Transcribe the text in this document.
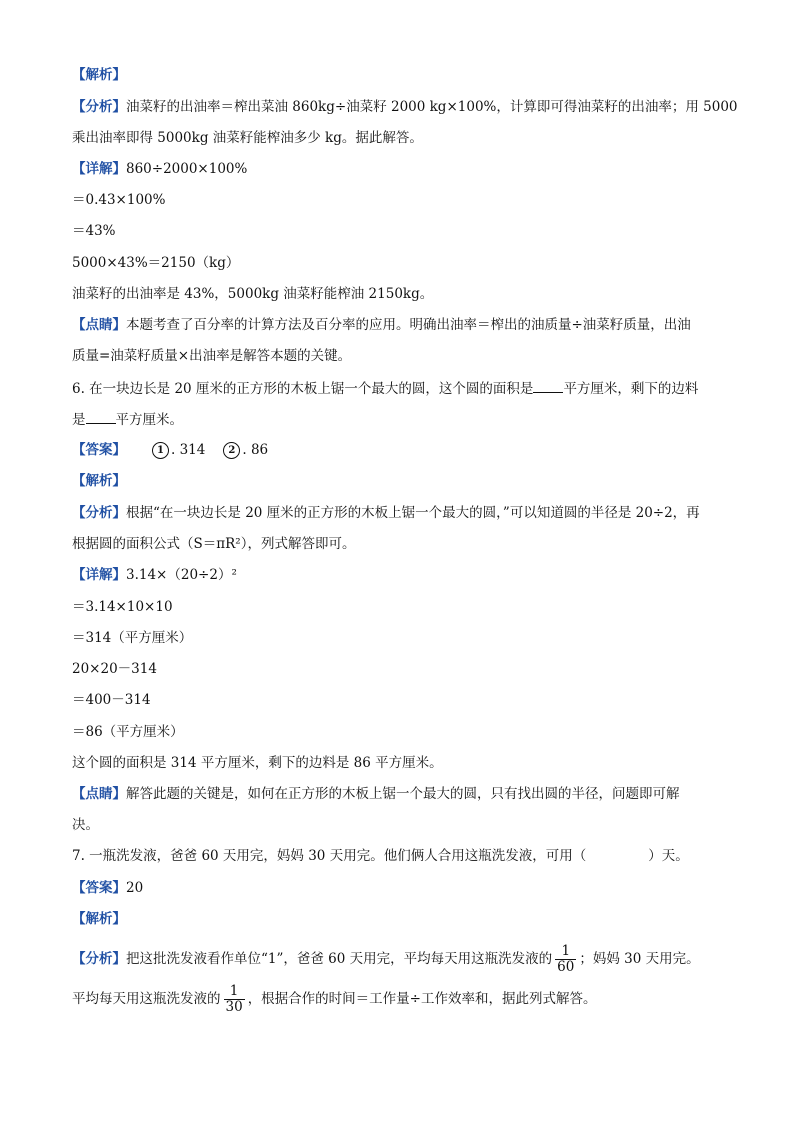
【解析】
【分析】油菜籽的出油率＝榨出菜油 860kg÷油菜籽 2000 kg×100%，计算即可得油菜籽的出油率；用 5000
乘出油率即得 5000kg 油菜籽能榨油多少 kg。据此解答。
【详解】860÷2000×100%
＝0.43×100%
＝43%
5000×43%＝2150（kg）
油菜籽的出油率是 43%，5000kg 油菜籽能榨油 2150kg。
【点睛】本题考查了百分率的计算方法及百分率的应用。明确出油率＝榨出的油质量÷油菜籽质量，出油
质量=油菜籽质量×出油率是解答本题的关键。
6. 在一块边长是 20 厘米的正方形的木板上锯一个最大的圆，这个圆的面积是 平方厘米，剩下的边料
是 平方厘米。
【答案】	1 . 314 2 . 86
【解析】
【分析】根据“在一块边长是 20 厘米的正方形的木板上锯一个最大的圆，”可以知道圆的半径是 20÷2，再
根据圆的面积公式（S＝πR²），列式解答即可。
【详解】3.14×（20÷2）²
＝3.14×10×10
＝314（平方厘米）
20×20－314
＝400－314
＝86（平方厘米）
这个圆的面积是 314 平方厘米，剩下的边料是 86 平方厘米。
【点睛】解答此题的关键是，如何在正方形的木板上锯一个最大的圆，只有找出圆的半径，问题即可解
决。
7. 一瓶洗发液，爸爸 60 天用完，妈妈 30 天用完。他们俩人合用这瓶洗发液，可用（	）天。
【答案】20
【解析】
【分析】把这批洗发液看作单位“1”，爸爸 60 天用完，平均每天用这瓶洗发液的 $\frac{1}{60}$ ；妈妈 30 天用完。
平均每天用这瓶洗发液的 $\frac{1}{30}$ ，根据合作的时间＝工作量÷工作效率和，据此列式解答。
